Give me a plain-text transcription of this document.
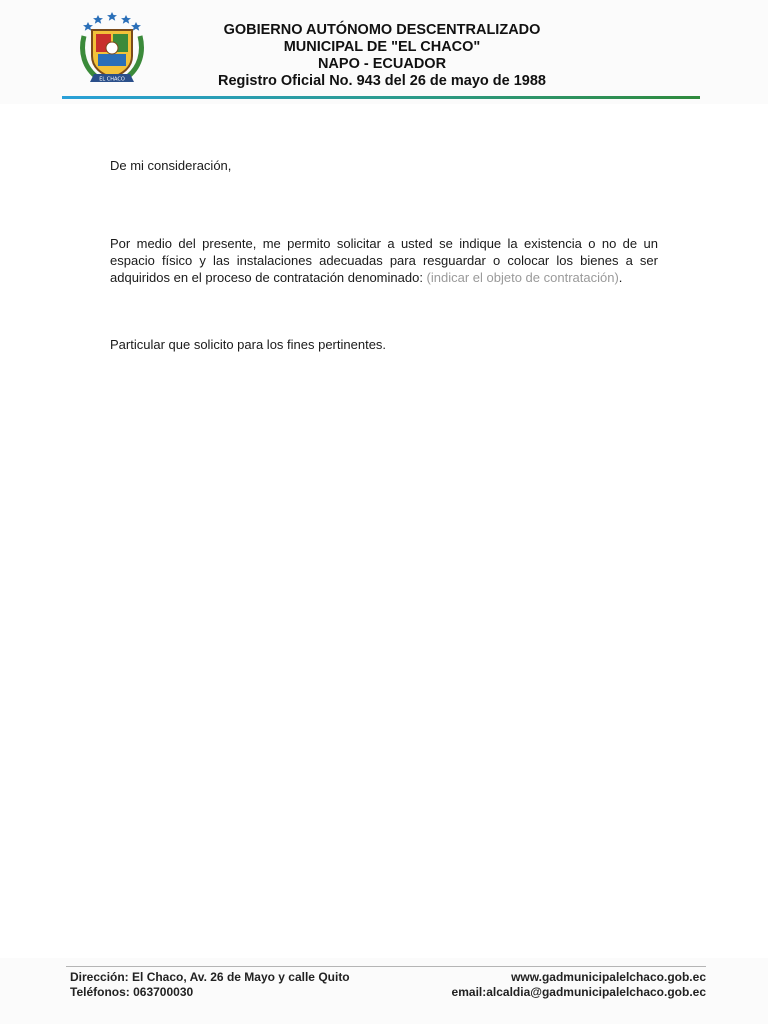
EL CHACO
GOBIERNO AUTÓNOMO DESCENTRALIZADO
MUNICIPAL DE "EL CHACO"
NAPO - ECUADOR
Registro Oficial No. 943 del 26 de mayo de 1988

De mi consideración,

Por medio del presente, me permito solicitar a usted se indique la existencia o no de un espacio físico y las instalaciones adecuadas para resguardar o colocar los bienes a ser adquiridos en el proceso de contratación denominado: (indicar el objeto de contratación).

Particular que solicito para los fines pertinentes.

Dirección: El Chaco, Av. 26 de Mayo y calle Quito
Teléfonos: 063700030
www.gadmunicipalelchaco.gob.ec
email:alcaldia@gadmunicipalelchaco.gob.ec
